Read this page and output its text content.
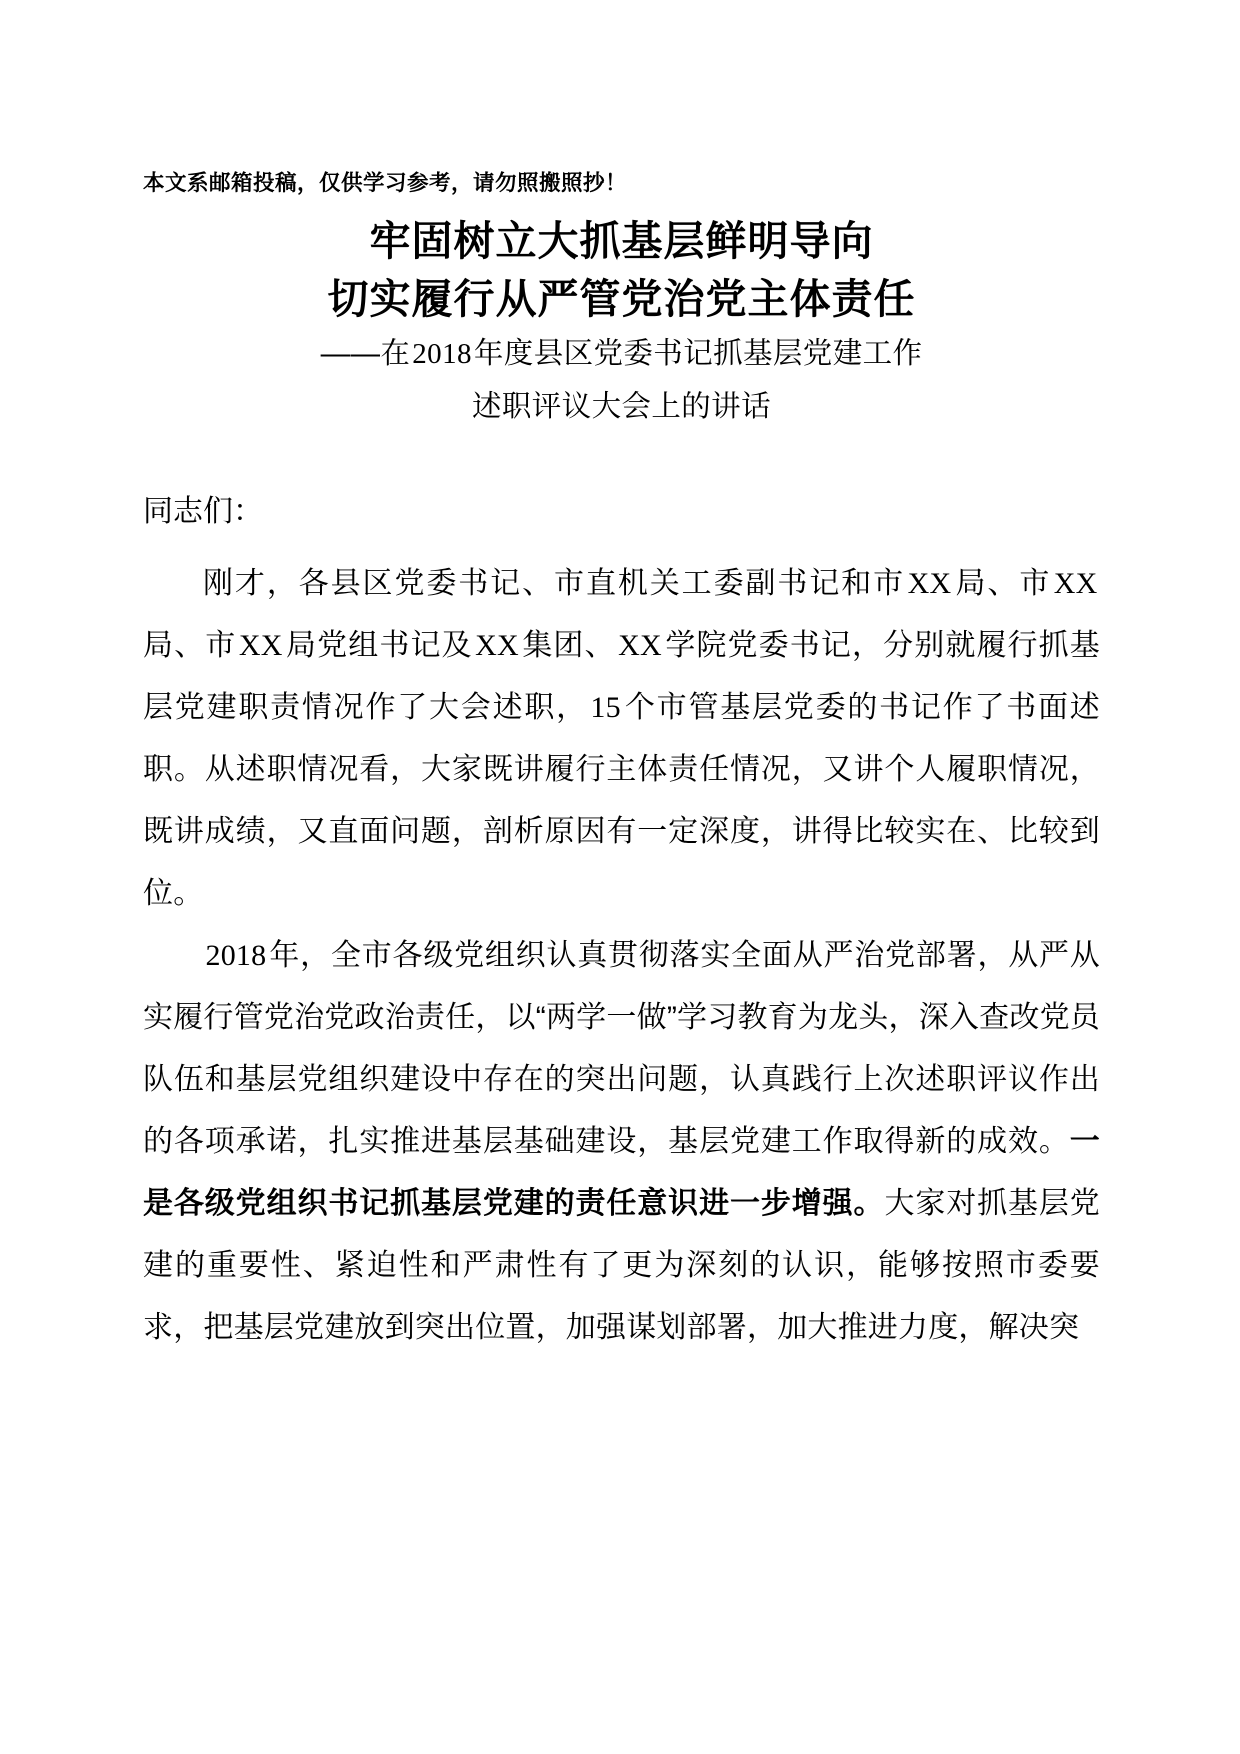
本文系邮箱投稿，仅供学习参考，请勿照搬照抄！
牢固树立大抓基层鲜明导向
切实履行从严管党治党主体责任
——在2018年度县区党委书记抓基层党建工作
述职评议大会上的讲话
同志们：
刚才，各县区党委书记、市直机关工委副书记和市XX局、市XX局、市XX局党组书记及XX集团、XX学院党委书记，分别就履行抓基层党建职责情况作了大会述职，15个市管基层党委的书记作了书面述职。从述职情况看，大家既讲履行主体责任情况，又讲个人履职情况，既讲成绩，又直面问题，剖析原因有一定深度，讲得比较实在、比较到位。
2018年，全市各级党组织认真贯彻落实全面从严治党部署，从严从实履行管党治党政治责任，以“两学一做”学习教育为龙头，深入查改党员队伍和基层党组织建设中存在的突出问题，认真践行上次述职评议作出的各项承诺，扎实推进基层基础建设，基层党建工作取得新的成效。一是各级党组织书记抓基层党建的责任意识进一步增强。大家对抓基层党建的重要性、紧迫性和严肃性有了更为深刻的认识，能够按照市委要求，把基层党建放到突出位置，加强谋划部署，加大推进力度，解决突
